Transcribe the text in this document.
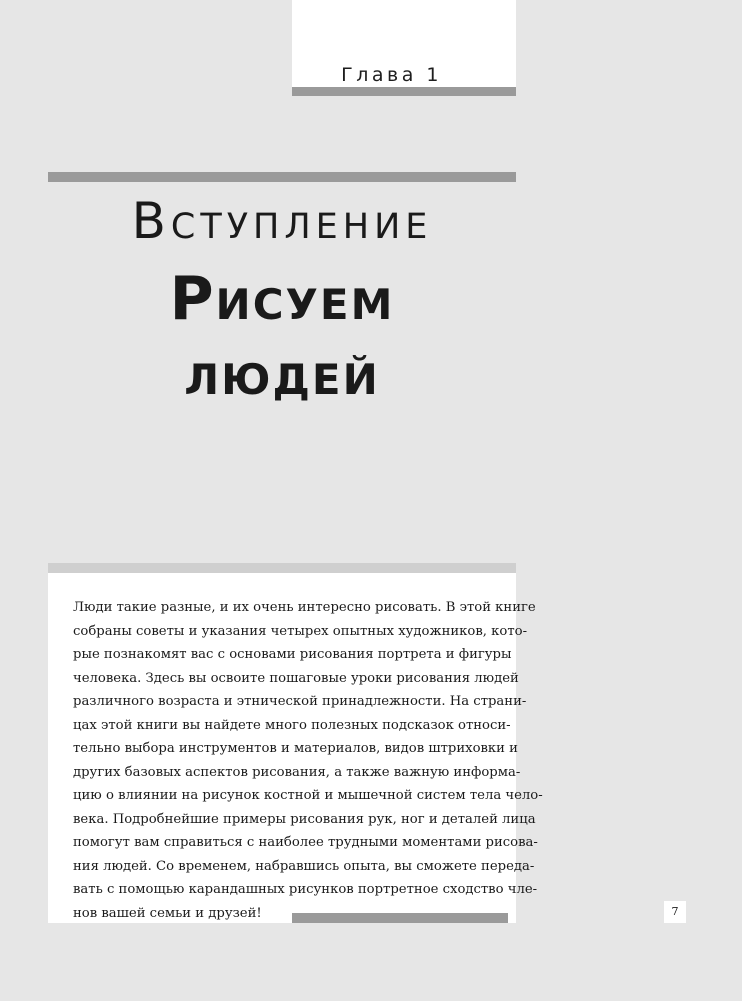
Глава 1
Вступление
Рисуем
людей

Люди такие разные, и их очень интересно рисовать. В этой книге
собраны советы и указания четырех опытных художников, кото-
рые познакомят вас с основами рисования портрета и фигуры
человека. Здесь вы освоите пошаговые уроки рисования людей
различного возраста и этнической принадлежности. На страни-
цах этой книги вы найдете много полезных подсказок относи-
тельно выбора инструментов и материалов, видов штриховки и
других базовых аспектов рисования, а также важную информа-
цию о влиянии на рисунок костной и мышечной систем тела чело-
века. Подробнейшие примеры рисования рук, ног и деталей лица
помогут вам справиться с наиболее трудными моментами рисова-
ния людей. Со временем, набравшись опыта, вы сможете переда-
вать с помощью карандашных рисунков портретное сходство чле-
нов вашей семьи и друзей!	7
